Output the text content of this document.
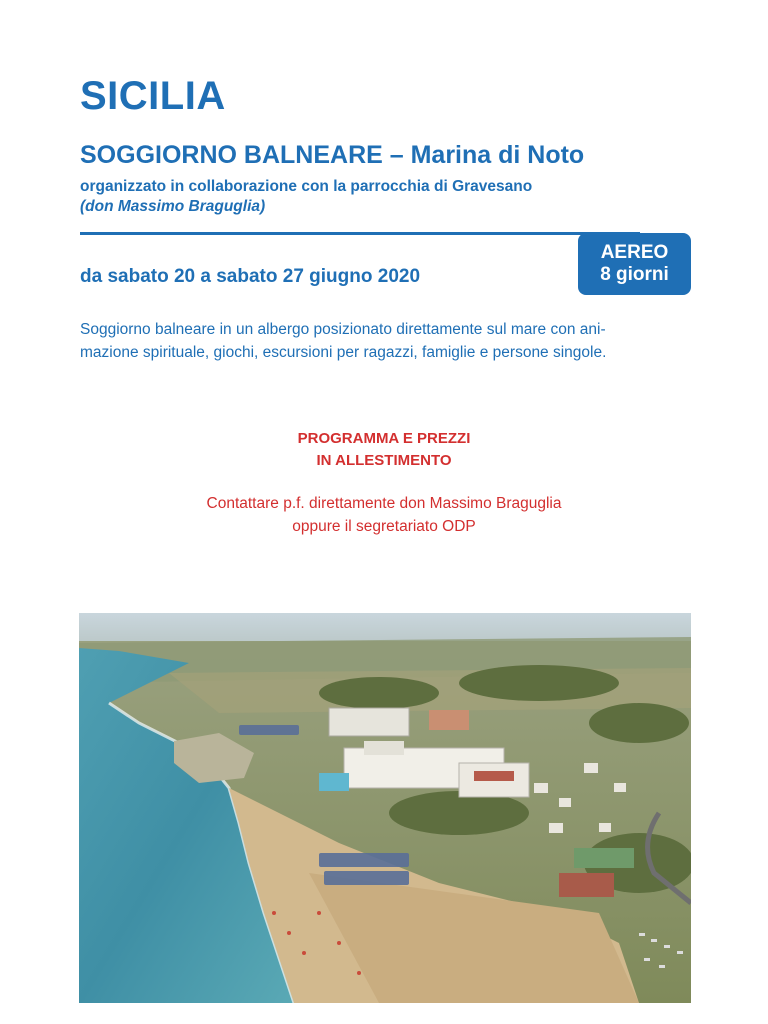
SICILIA
SOGGIORNO BALNEARE – Marina di Noto
organizzato in collaborazione con la parrocchia di Gravesano
(don Massimo Braguglia)
AEREO
8 giorni
da sabato 20 a sabato 27 giugno 2020
Soggiorno balneare in un albergo posizionato direttamente sul mare con ani-
mazione spirituale, giochi, escursioni per ragazzi, famiglie e persone singole.
PROGRAMMA E PREZZI
IN ALLESTIMENTO
Contattare p.f. direttamente don Massimo Braguglia
oppure il segretariato ODP
